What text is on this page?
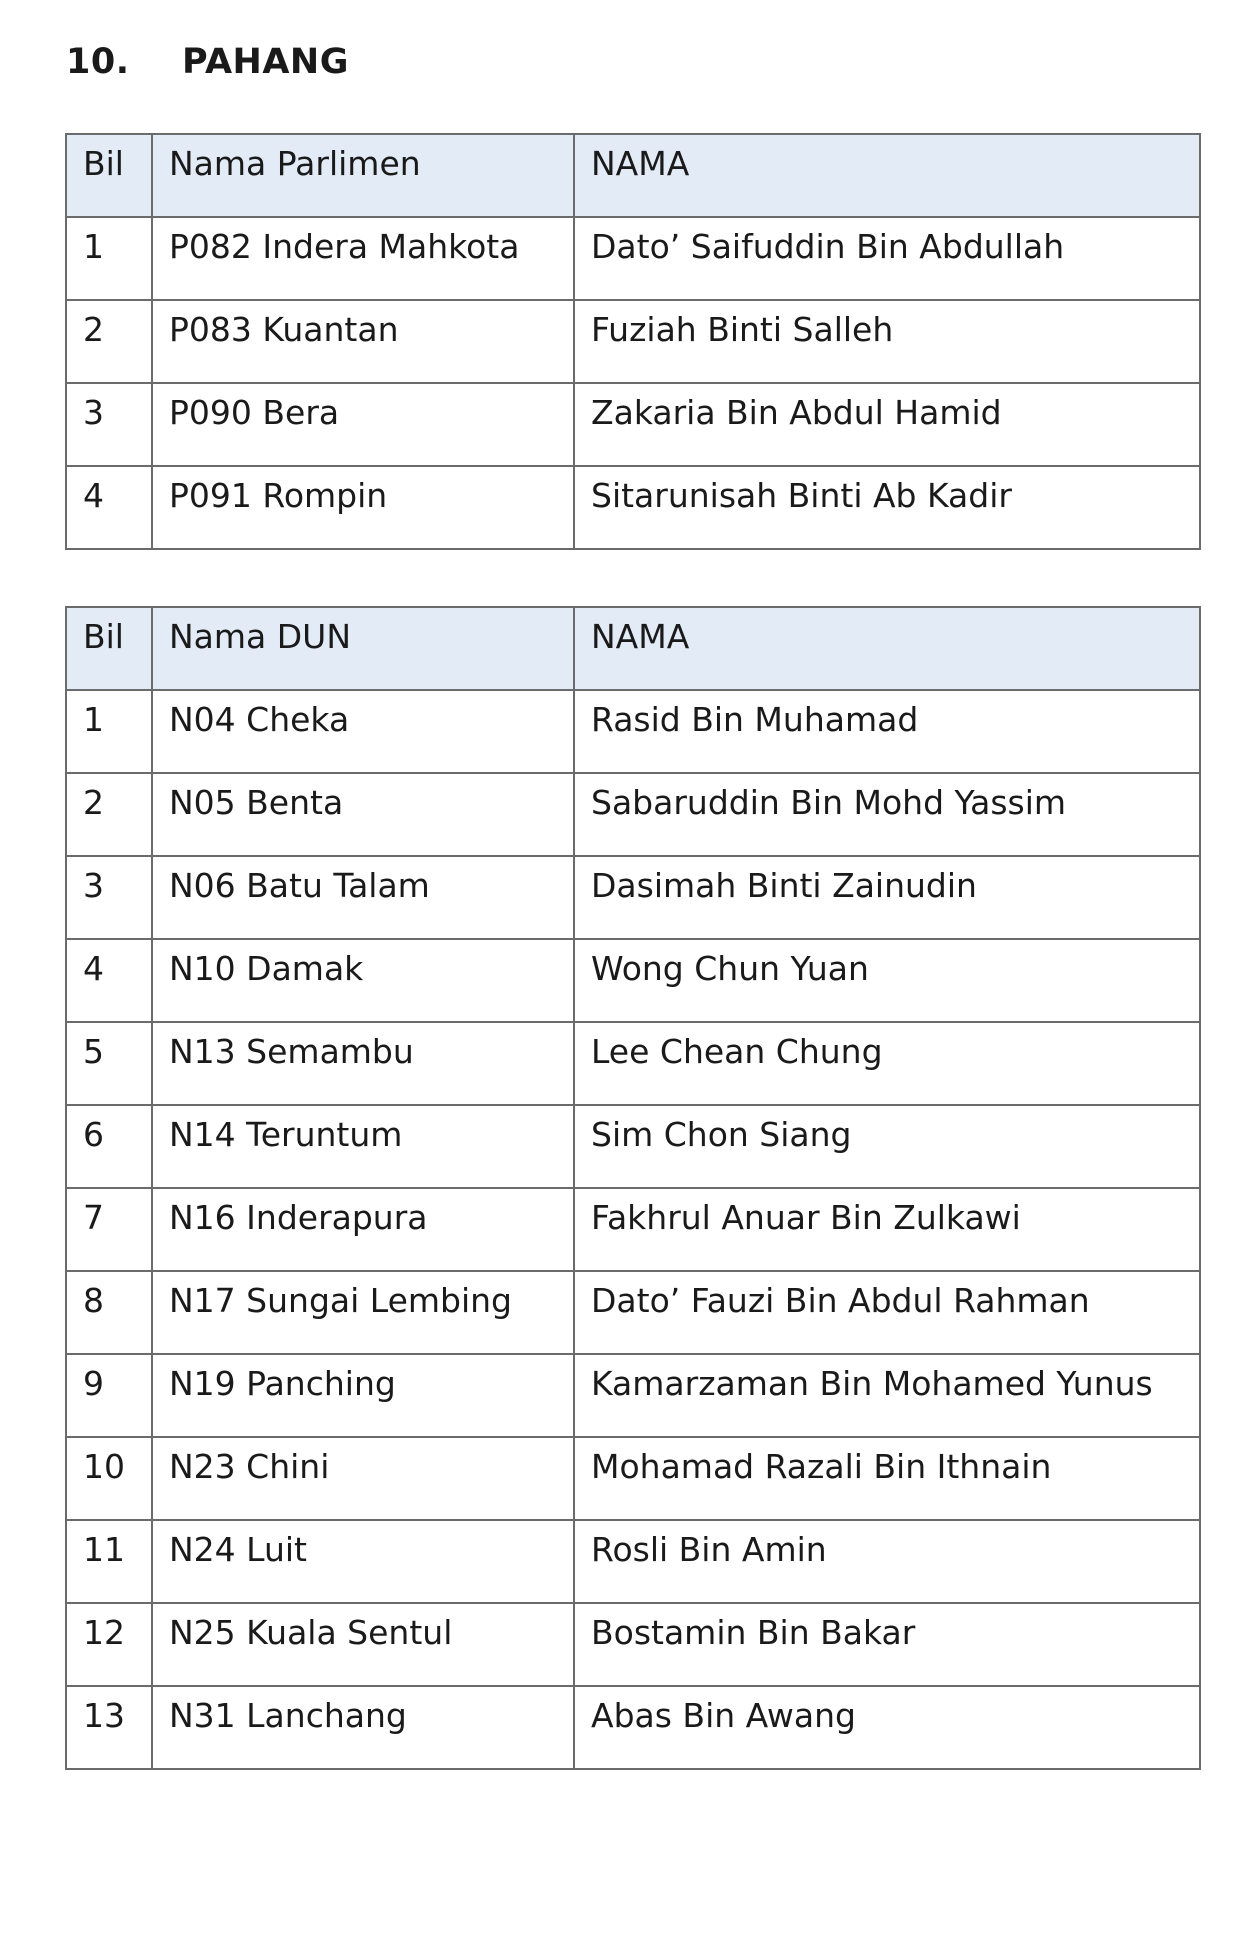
10. PAHANG
Bil	Nama Parlimen	NAMA

1	P082 Indera Mahkota	Dato’ Saifuddin Bin Abdullah

2	P083 Kuantan	Fuziah Binti Salleh

3	P090 Bera	Zakaria Bin Abdul Hamid

4	P091 Rompin	Sitarunisah Binti Ab Kadir
Bil	Nama DUN	NAMA

1	N04 Cheka	Rasid Bin Muhamad

2	N05 Benta	Sabaruddin Bin Mohd Yassim

3	N06 Batu Talam	Dasimah Binti Zainudin

4	N10 Damak	Wong Chun Yuan

5	N13 Semambu	Lee Chean Chung

6	N14 Teruntum	Sim Chon Siang

7	N16 Inderapura	Fakhrul Anuar Bin Zulkawi

8	N17 Sungai Lembing	Dato’ Fauzi Bin Abdul Rahman

9	N19 Panching	Kamarzaman Bin Mohamed Yunus

10	N23 Chini	Mohamad Razali Bin Ithnain

11	N24 Luit	Rosli Bin Amin

12	N25 Kuala Sentul	Bostamin Bin Bakar

13	N31 Lanchang	Abas Bin Awang
